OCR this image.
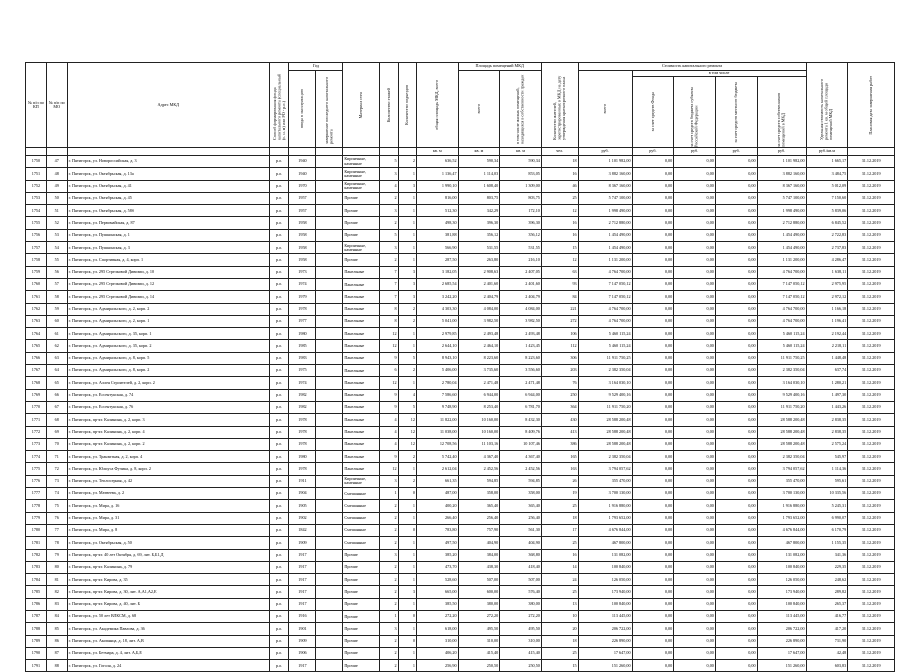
№ п/п по КП	№ п/п по МО	Адрес МКД	Способ формирования фонда капитального ремонта (специальный (с. н. м) или РО - р.о.)	Год		Материал стен	Количество этажей	Количество подъездов	общая площадь МКД, всего	Площадь помещений МКД		Количество жителей, зарегистрированных в МКД на дату утверждения краткосрочного плана	Стоимость капитального ремонта					Удельная стоимость капитального ремонта 1 кв. м общей площади помещений МКД	Плановая дата завершения работ

				ввода в эксплуатацию	завершение последнего капитального ремонта					всего	в том числе жилых помещений, находящихся в собственности граждан		всего	в том числе					

														за счет средств Фонда	за счет средств бюджета субъекта Российской Федерации	за счет средств местного бюджета	за счет средств собственников помещений в МКД		

									кв. м	кв. м	кв. м	чел.	руб.	руб.	руб.	руб.	руб.	руб./кв.м	
1750	47	г. Пятигорск, ул. Новороссийская, д. 3	р.о.	1940		Кирпичные, каменные	5	2	636,52	590,34	590,34	18	1 101 982,00	0,00	0,00	0,00	1 101 982,00	1 665,17	31.12.2019
1751	48	г. Пятигорск, ул. Октябрьская, д. 13а	р.о.	1940		Кирпичные, каменные	3	1	1 136,47	1 114,03	853,05	16	3 882 160,00	0,00	0,00	0,00	3 882 160,00	3 484,75	31.12.2019
1752	49	г. Пятигорск, ул. Октябрьская, д. 41	р.о.	1970		Кирпичные, каменные	4	3	1 990,10	1 608,40	1 309,00	46	8 367 160,00	0,00	0,00	0,00	8 367 160,00	5 012,09	31.12.2019
1753	50	г. Пятигорск, ул. Октябрьская, д. 45	р.о.	1957		Прочие	2	1	816,00	803,75	803,75	25	5 747 100,00	0,00	0,00	0,00	5 747 100,00	7 150,60	31.12.2019
1754	51	г. Пятигорск, ул. Октябрьская, д. 58б	р.о.	1957		Прочие	3	1	512,30	342,29	172,10	12	1 998 490,00	0,00	0,00	0,00	1 998 490,00	5 839,06	31.12.2019
1755	52	г. Пятигорск, ул. Первомайская, д. 87	р.о.	1958		Прочие	2	1	498,30	396,30	396,30	16	2 712 880,00	0,00	0,00	0,00	2 712 880,00	6 845,52	31.12.2019
1756	53	г. Пятигорск, ул. Пушкинская, д. 1	р.о.	1958		Прочие	5	1	381,88	356,12	356,12	16	1 454 490,00	0,00	0,00	0,00	1 454 490,00	2 722,83	31.12.2019
1757	54	г. Пятигорск, ул. Пушкинская, д. 3	р.о.	1958		Кирпичные, каменные	3	1	566,90	531,55	531,55	15	1 454 490,00	0,00	0,00	0,00	1 454 490,00	2 737,83	31.12.2019
1758	55	г. Пятигорск, ул. Спортивная, д. 4, корп. 1	р.о.	1958		Прочие	2	1	287,50	263,80	216,10	12	1 131 200,00	0,00	0,00	0,00	1 131 200,00	4 286,47	31.12.2019
1759	56	г. Пятигорск, ул. 295 Стрелковой Дивизии, д. 10	р.о.	1973		Панельные	7	3	3 182,05	2 908,63	2 407,05	63	4 764 700,00	0,00	0,00	0,00	4 764 700,00	1 638,11	31.12.2019
1760	57	г. Пятигорск, ул. 295 Стрелковой Дивизии, д. 12	р.о.	1974		Панельные	7	3	2 685,54	2 401,60	2 401,60	93	7 147 050,12	0,00	0,00	0,00	7 147 050,12	2 975,95	31.12.2019
1761	58	г. Пятигорск, ул. 295 Стрелковой Дивизии, д. 14	р.о.	1979		Панельные	7	3	3 242,20	2 404,79	2 404,79	84	7 147 050,12	0,00	0,00	0,00	7 147 050,12	2 972,12	31.12.2019
1762	59	г. Пятигорск, ул. Адмиральского, д. 2, корп. 2	р.о.	1978		Панельные	8	2	4 303,30	4 084,00	4 084,00	221	4 764 700,00	0,00	0,00	0,00	4 764 700,00	1 166,18	31.12.2019
1763	60	г. Пятигорск, ул. Адмиральского, д. 2, корп. 1	р.о.	1977		Панельные	8	2	5 041,00	3 982,50	3 982,50	272	4 764 700,00	0,00	0,00	0,00	4 764 700,00	1 196,41	31.12.2019
1764	61	г. Пятигорск, ул. Адмиральского, д. 35, корп. 1	р.о.	1980		Панельные	12	1	2 979,85	2 493,48	2 493,48	106	5 460 115,24	0,00	0,00	0,00	5 460 115,24	2 192,44	31.12.2019
1765	62	г. Пятигорск, ул. Адмиральского, д. 35, корп. 2	р.о.	1985		Панельные	12	1	2 644,10	2 464,10	1 423,45	112	5 460 115,24	0,00	0,00	0,00	5 460 115,24	2 218,11	31.12.2019
1766	63	г. Пятигорск, ул. Адмиральского, д. 8, корп. 5	р.о.	1983		Панельные	9	5	8 943,10	8 223,60	8 223,60	306	11 911 750,25	0,00	0,00	0,00	11 911 750,25	1 448,48	31.12.2019
1767	64	г. Пятигорск, ул. Адмиральского, д. 8, корп. 2	р.о.	1975		Панельные	6	2	5 406,00	3 735,60	3 556,60	203	2 382 350,04	0,00	0,00	0,00	2 382 350,04	637,74	31.12.2019
1768	65	г. Пятигорск, ул. Аллея Строителей, д. 2, корп. 2	р.о.	1974		Панельные	12	1	2 780,04	2 471,48	2 471,48	76	3 164 030,10	0,00	0,00	0,00	3 164 030,10	1 280,21	31.12.2019
1769	66	г. Пятигорск, ул. Ессентукская, д. 74	р.о.	1982		Панельные	9	4	7 586,60	6 944,00	6 944,00	250	9 529 400,16	0,00	0,00	0,00	9 529 400,16	1 497,30	31.12.2019
1770	67	г. Пятигорск, ул. Ессентукская, д. 76	р.о.	1982		Панельные	9	5	9 748,90	8 253,40	6 781,70	364	11 911 750,20	0,00	0,00	0,00	11 911 750,20	1 443,26	31.12.2019
1771	68	г. Пятигорск, пр-кт. Калинина, д. 2, корп. 3	р.о.	1978		Панельные	4	12	11 822,00	10 160,00	8 432,30	430	28 588 200,48	0,00	0,00	0,00	28 588 200,48	2 838,35	31.12.2019
1772	69	г. Пятигорск, пр-кт. Калинина, д. 2, корп. 4	р.о.	1978		Панельные	4	12	11 038,00	10 160,00	8 409,76	413	28 588 200,48	0,00	0,00	0,00	28 588 200,48	2 838,35	31.12.2019
1773	70	г. Пятигорск, пр-кт. Калинина, д. 2, корп. 2	р.о.	1978		Панельные	4	12	12 708,56	11 103,16	10 107,46	386	28 588 200,48	0,00	0,00	0,00	28 588 200,48	2 575,24	31.12.2019
1774	71	г. Пятигорск, ул. Транзитная, д. 2, корп. 4	р.о.	1980		Панельные	9	2	5 742,40	4 367,40	4 367,40	165	2 382 350,04	0,00	0,00	0,00	2 382 350,04	545,97	31.12.2019
1775	72	г. Пятигорск, ул. Юлиуса Фучика, д. 8, корп. 2	р.о.	1978		Панельные	12	1	2 612,04	2 452,56	2 452,56	163	3 794 057,62	0,00	0,00	0,00	3 794 057,62	1 114,36	31.12.2019
1776	73	г. Пятигорск, ул. Теплосерная, д. 42	р.о.	1911		Кирпичные, каменные	3	2	661,35	594,85	594,85	26	355 470,00	0,00	0,00	0,00	355 470,00	595,61	31.12.2019
1777	74	г. Пятигорск, ул. Матвеева, д. 2	р.о.	1904		Смешанные	1	0	487,00	358,00	358,00	19	3 700 130,00	0,00	0,00	0,00	3 700 130,00	10 335,56	31.12.2019
1778	75	г. Пятигорск, ул. Мира, д. 16	р.о.	1905		Смешанные	2	1	400,20	365,40	365,40	25	1 916 880,00	0,00	0,00	0,00	1 916 880,00	5 245,31	31.12.2019
1779	76	г. Пятигорск, ул. Мира, д. 31	р.о.	1902		Смешанные	2	1	266,40	256,40	256,40	18	1 793 652,00	0,00	0,00	0,00	1 793 652,00	6 990,07	31.12.2019
1780	77	г. Пятигорск, ул. Мира, д. 8	р.о.	1842		Смешанные	2	0	783,80	757,90	561,30	17	4 676 844,00	0,00	0,00	0,00	4 676 844,00	6 170,79	31.12.2019
1781	78	г. Пятигорск, ул. Октябрьская, д. 50	р.о.	1909		Смешанные	2	1	497,50	404,90	404,90	25	467 800,00	0,00	0,00	0,00	467 800,00	1 155,35	31.12.2019
1782	79	г. Пятигорск, пр-кт. 40 лет Октября, д. 69, лит. Б,Б1,Д	р.о.	1917		Прочие	3	1	385,20	384,00	368,80	16	131 082,00	0,00	0,00	0,00	131 082,00	341,36	31.12.2019
1783	80	г. Пятигорск, пр-кт. Калинина, д. 79	р.о.	1917		Прочие	2	1	473,70	438,30	418,40	14	100 840,00	0,00	0,00	0,00	100 840,00	229,35	31.12.2019
1784	81	г. Пятигорск, пр-кт. Кирова, д. 35	р.о.	1917		Прочие	2	1	528,60	507,00	507,00	24	126 050,00	0,00	0,00	0,00	126 050,00	248,62	31.12.2019
1785	82	г. Пятигорск, пр-кт. Кирова, д. 30, лит. А,А1,А2,Е	р.о.	1917		Прочие	2	3	665,00	600,00	576,40	25	173 940,00	0,00	0,00	0,00	173 940,00	289,82	31.12.2019
1786	83	г. Пятигорск, пр-кт. Кирова, д. 40, лит. Б	р.о.	1917		Прочие	2	1	385,50	380,00	380,00	13	100 840,00	0,00	0,00	0,00	100 840,00	265,37	31.12.2019
1787	84	г. Пятигорск, ул. 50 лет ВЛКСМ, д. 68	р.о.	1916		Прочие	1	0	272,20	272,20	272,20	10	113 445,00	0,00	0,00	0,00	113 445,00	416,77	31.12.2019
1788	85	г. Пятигорск, ул. Академика Павлова, д. 36	р.о.	1901		Прочие	3	1	618,00	495,50	495,50	20	206 722,00	0,00	0,00	0,00	206 722,00	417,20	31.12.2019
1789	86	г. Пятигорск, ул. Акопянца, д. 18, лит. А,В	р.о.	1909		Прочие	2	0	310,00	310,00	310,00	18	226 890,00	0,00	0,00	0,00	226 890,00	731,90	31.12.2019
1790	87	г. Пятигорск, ул. Бетмара, д. 4, лит. А,Б,Е	р.о.	1906		Прочие	2	1	406,20	415,40	415,40	25	17 647,00	0,00	0,00	0,00	17 647,00	42,48	31.12.2019
1791	88	г. Пятигорск, ул. Гоголя, д. 24	р.о.	1917		Прочие	2	1	256,90	250,50	250,50	15	151 260,00	0,00	0,00	0,00	151 260,00	603,83	31.12.2019
